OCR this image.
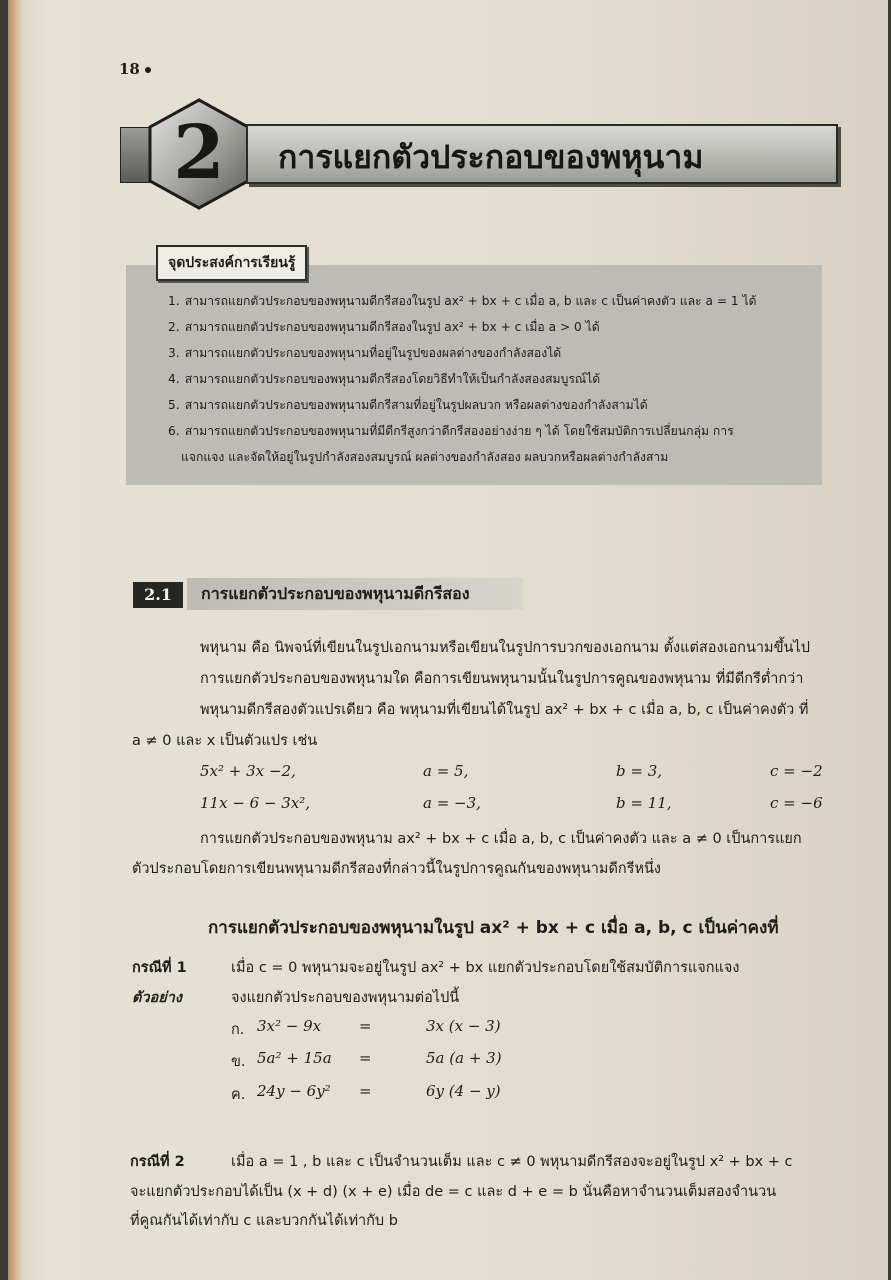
18
2	การแยกตัวประกอบของพหุนาม
จุดประสงค์การเรียนรู้
1. สามารถแยกตัวประกอบของพหุนามดีกรีสองในรูป ax² + bx + c เมื่อ a, b และ c เป็นค่าคงตัว และ a = 1 ได้
2. สามารถแยกตัวประกอบของพหุนามดีกรีสองในรูป ax² + bx + c เมื่อ a > 0 ได้
3. สามารถแยกตัวประกอบของพหุนามที่อยู่ในรูปของผลต่างของกำลังสองได้
4. สามารถแยกตัวประกอบของพหุนามดีกรีสองโดยวิธีทำให้เป็นกำลังสองสมบูรณ์ได้
5. สามารถแยกตัวประกอบของพหุนามดีกรีสามที่อยู่ในรูปผลบวก หรือผลต่างของกำลังสามได้
6. สามารถแยกตัวประกอบของพหุนามที่มีดีกรีสูงกว่าดีกรีสองอย่างง่าย ๆ ได้ โดยใช้สมบัติการเปลี่ยนกลุ่ม การ
แจกแจง และจัดให้อยู่ในรูปกำลังสองสมบูรณ์ ผลต่างของกำลังสอง ผลบวกหรือผลต่างกำลังสาม
2.1	การแยกตัวประกอบของพหุนามดีกรีสอง
พหุนาม คือ นิพจน์ที่เขียนในรูปเอกนามหรือเขียนในรูปการบวกของเอกนาม ตั้งแต่สองเอกนามขึ้นไป
การแยกตัวประกอบของพหุนามใด คือการเขียนพหุนามนั้นในรูปการคูณของพหุนาม ที่มีดีกรีต่ำกว่า
พหุนามดีกรีสองตัวแปรเดียว คือ พหุนามที่เขียนได้ในรูป ax² + bx + c เมื่อ a, b, c เป็นค่าคงตัว ที่
a ≠ 0 และ x เป็นตัวแปร เช่น
5x² + 3x −2,	a = 5,	b = 3,	c = −2
11x − 6 − 3x²,	a = −3,	b = 11,	c = −6
การแยกตัวประกอบของพหุนาม ax² + bx + c เมื่อ a, b, c เป็นค่าคงตัว และ a ≠ 0 เป็นการแยก
ตัวประกอบโดยการเขียนพหุนามดีกรีสองที่กล่าวนี้ในรูปการคูณกันของพหุนามดีกรีหนึ่ง
การแยกตัวประกอบของพหุนามในรูป ax² + bx + c เมื่อ a, b, c เป็นค่าคงที่
กรณีที่ 1	เมื่อ c = 0 พหุนามจะอยู่ในรูป ax² + bx แยกตัวประกอบโดยใช้สมบัติการแจกแจง
ตัวอย่าง	จงแยกตัวประกอบของพหุนามต่อไปนี้
ก. 3x² − 9x	=	3x (x − 3)
ข. 5a² + 15a =	5a (a + 3)
ค. 24y − 6y² =	6y (4 − y)
กรณีที่ 2	เมื่อ a = 1 , b และ c เป็นจำนวนเต็ม และ c ≠ 0 พหุนามดีกรีสองจะอยู่ในรูป x² + bx + c
จะแยกตัวประกอบได้เป็น (x + d) (x + e) เมื่อ de = c และ d + e = b นั่นคือหาจำนวนเต็มสองจำนวน
ที่คูณกันได้เท่ากับ c และบวกกันได้เท่ากับ b
